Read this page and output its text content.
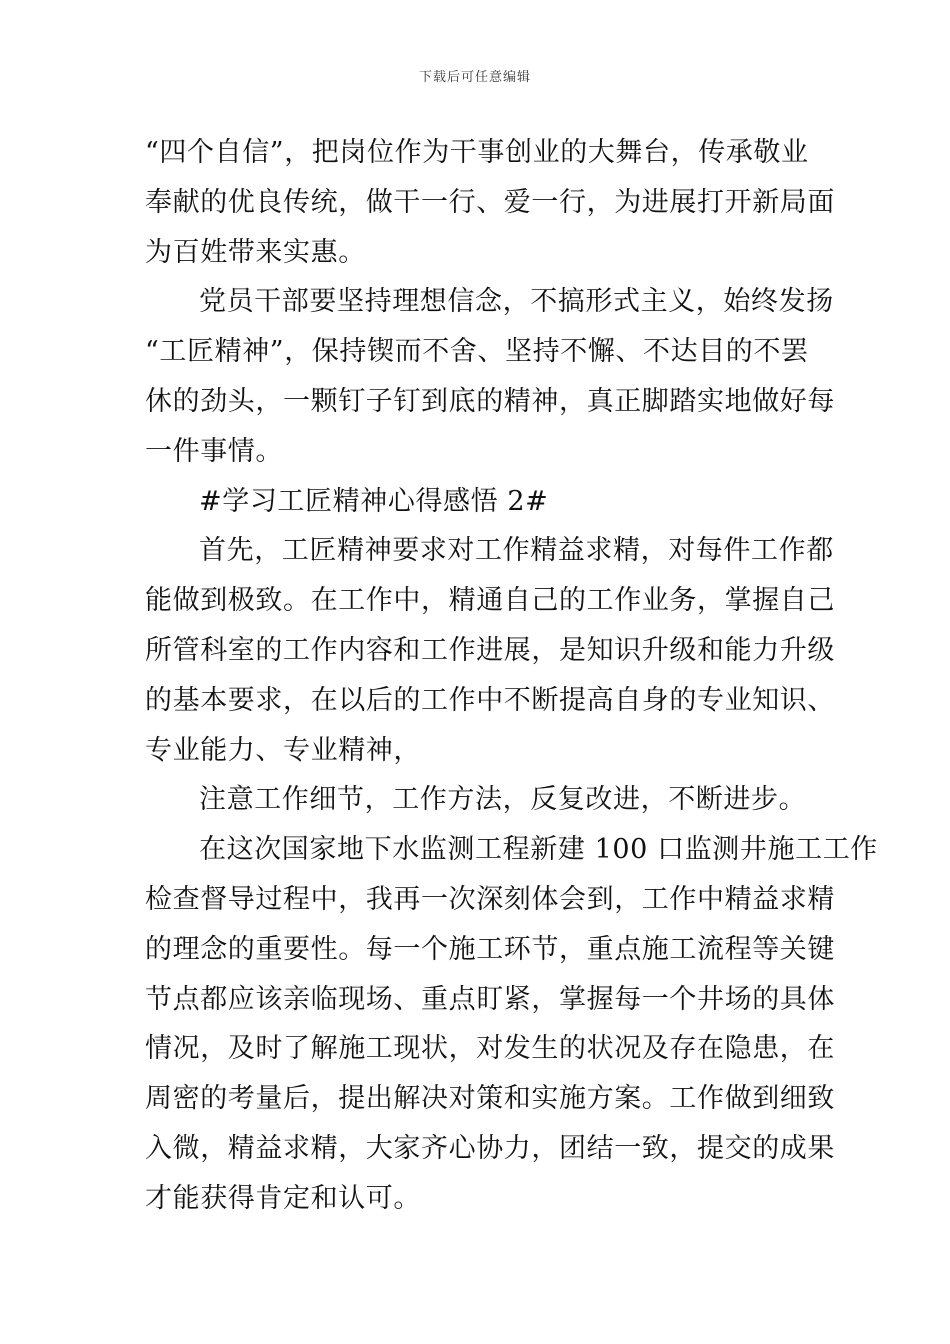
下载后可任意编辑
“四个自信”，把岗位作为干事创业的大舞台，传承敬业
奉献的优良传统，做干一行、爱一行，为进展打开新局面
为百姓带来实惠。
党员干部要坚持理想信念，不搞形式主义，始终发扬
“工匠精神”，保持锲而不舍、坚持不懈、不达目的不罢
休的劲头，一颗钉子钉到底的精神，真正脚踏实地做好每
一件事情。
#学习工匠精神心得感悟 2#
首先，工匠精神要求对工作精益求精，对每件工作都
能做到极致。在工作中，精通自己的工作业务，掌握自己
所管科室的工作内容和工作进展，是知识升级和能力升级
的基本要求，在以后的工作中不断提高自身的专业知识、
专业能力、专业精神，
注意工作细节，工作方法，反复改进，不断进步。
在这次国家地下水监测工程新建 100 口监测井施工工作
检查督导过程中，我再一次深刻体会到，工作中精益求精
的理念的重要性。每一个施工环节，重点施工流程等关键
节点都应该亲临现场、重点盯紧，掌握每一个井场的具体
情况，及时了解施工现状，对发生的状况及存在隐患，在
周密的考量后，提出解决对策和实施方案。工作做到细致
入微，精益求精，大家齐心协力，团结一致，提交的成果
才能获得肯定和认可。
